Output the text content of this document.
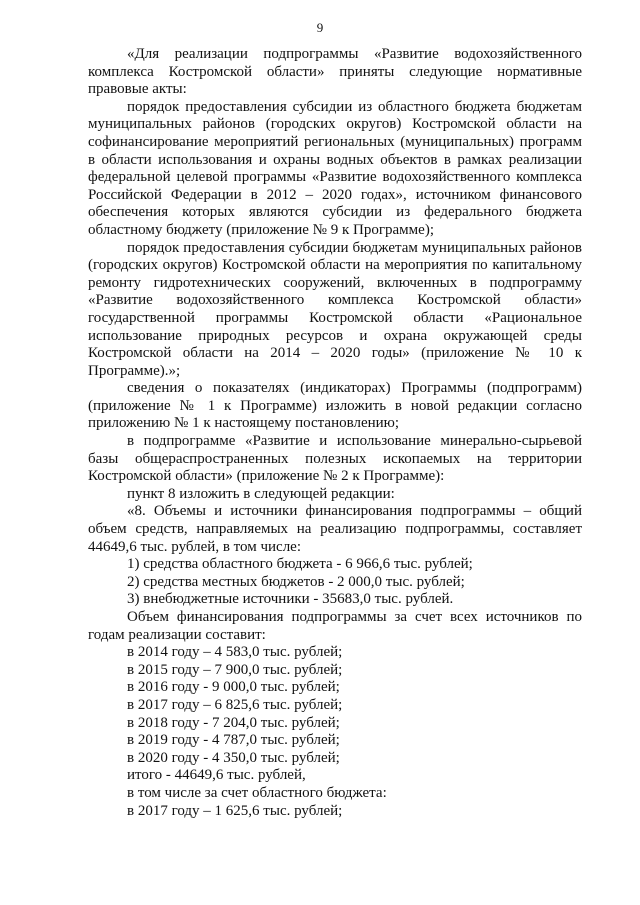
9

«Для реализации подпрограммы «Развитие водохозяйственного комплекса Костромской области» приняты следующие нормативные правовые акты:

порядок предоставления субсидии из областного бюджета бюджетам муниципальных районов (городских округов) Костромской области на софинансирование мероприятий региональных (муниципальных) программ в области использования и охраны водных объектов в рамках реализации федеральной целевой программы «Развитие водохозяйственного комплекса Российской Федерации в 2012 – 2020 годах», источником финансового обеспечения которых являются субсидии из федерального бюджета областному бюджету (приложение № 9 к Программе);

порядок предоставления субсидии бюджетам муниципальных районов (городских округов) Костромской области на мероприятия по капитальному ремонту гидротехнических сооружений, включенных в подпрограмму «Развитие водохозяйственного комплекса Костромской области» государственной программы Костромской области «Рациональное использование природных ресурсов и охрана окружающей среды Костромской области на 2014 – 2020 годы» (приложение № 10 к Программе).»;

сведения о показателях (индикаторах) Программы (подпрограмм) (приложение № 1 к Программе) изложить в новой редакции согласно приложению № 1 к настоящему постановлению;

в подпрограмме «Развитие и использование минерально-сырьевой базы общераспространенных полезных ископаемых на территории Костромской области» (приложение № 2 к Программе):

пункт 8 изложить в следующей редакции:

«8. Объемы и источники финансирования подпрограммы – общий объем средств, направляемых на реализацию подпрограммы, составляет 44649,6 тыс. рублей, в том числе:

1) средства областного бюджета - 6 966,6 тыс. рублей;

2) средства местных бюджетов - 2 000,0 тыс. рублей;

3) внебюджетные источники - 35683,0 тыс. рублей.

Объем финансирования подпрограммы за счет всех источников по годам реализации составит:

в 2014 году – 4 583,0 тыс. рублей;

в 2015 году – 7 900,0 тыс. рублей;

в 2016 году - 9 000,0 тыс. рублей;

в 2017 году – 6 825,6 тыс. рублей;

в 2018 году - 7 204,0 тыс. рублей;

в 2019 году - 4 787,0 тыс. рублей;

в 2020 году - 4 350,0 тыс. рублей;

итого - 44649,6 тыс. рублей,

в том числе за счет областного бюджета:

в 2017 году – 1 625,6 тыс. рублей;
